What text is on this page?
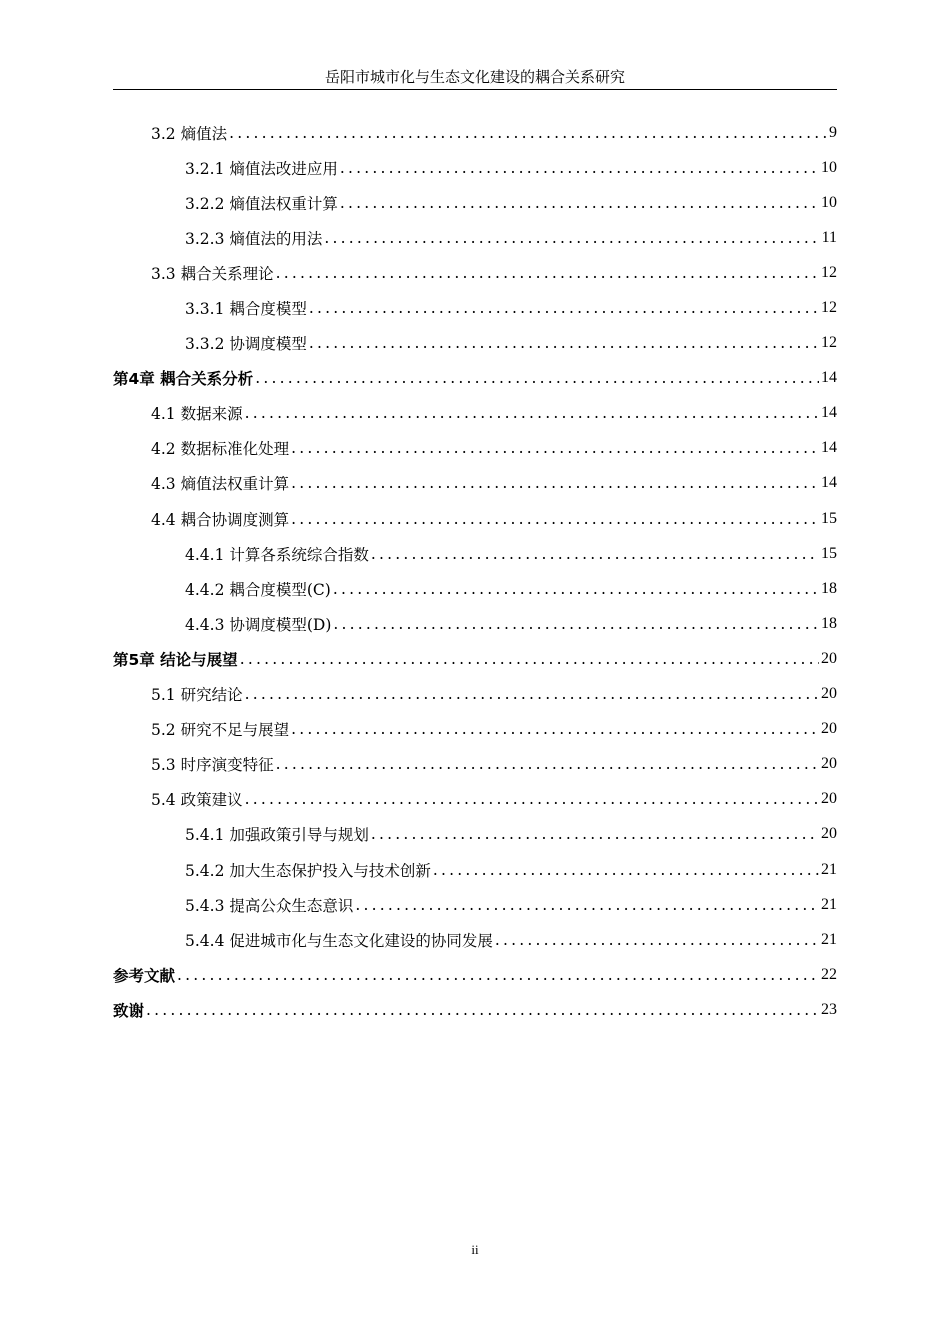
岳阳市城市化与生态文化建设的耦合关系研究
3.2 熵值法 .....	9
3.2.1 熵值法改进应用 .....	10
3.2.2 熵值法权重计算 .....	10
3.2.3 熵值法的用法 .....	11
3.3 耦合关系理论 .....	12
3.3.1 耦合度模型 .....	12
3.3.2 协调度模型 .....	12
第4章 耦合关系分析 .....	14
4.1 数据来源 .....	14
4.2 数据标准化处理 .....	14
4.3 熵值法权重计算 .....	14
4.4 耦合协调度测算 .....	15
4.4.1 计算各系统综合指数 .....	15
4.4.2 耦合度模型(C) .....	18
4.4.3 协调度模型(D) .....	18
第5章 结论与展望 .....	20
5.1 研究结论 .....	20
5.2 研究不足与展望 .....	20
5.3 时序演变特征 .....	20
5.4 政策建议 .....	20
5.4.1 加强政策引导与规划 .....	20
5.4.2 加大生态保护投入与技术创新 .....	21
5.4.3 提高公众生态意识 .....	21
5.4.4 促进城市化与生态文化建设的协同发展 .....	21
参考文献 .....	22
致谢 .....	23
ii
